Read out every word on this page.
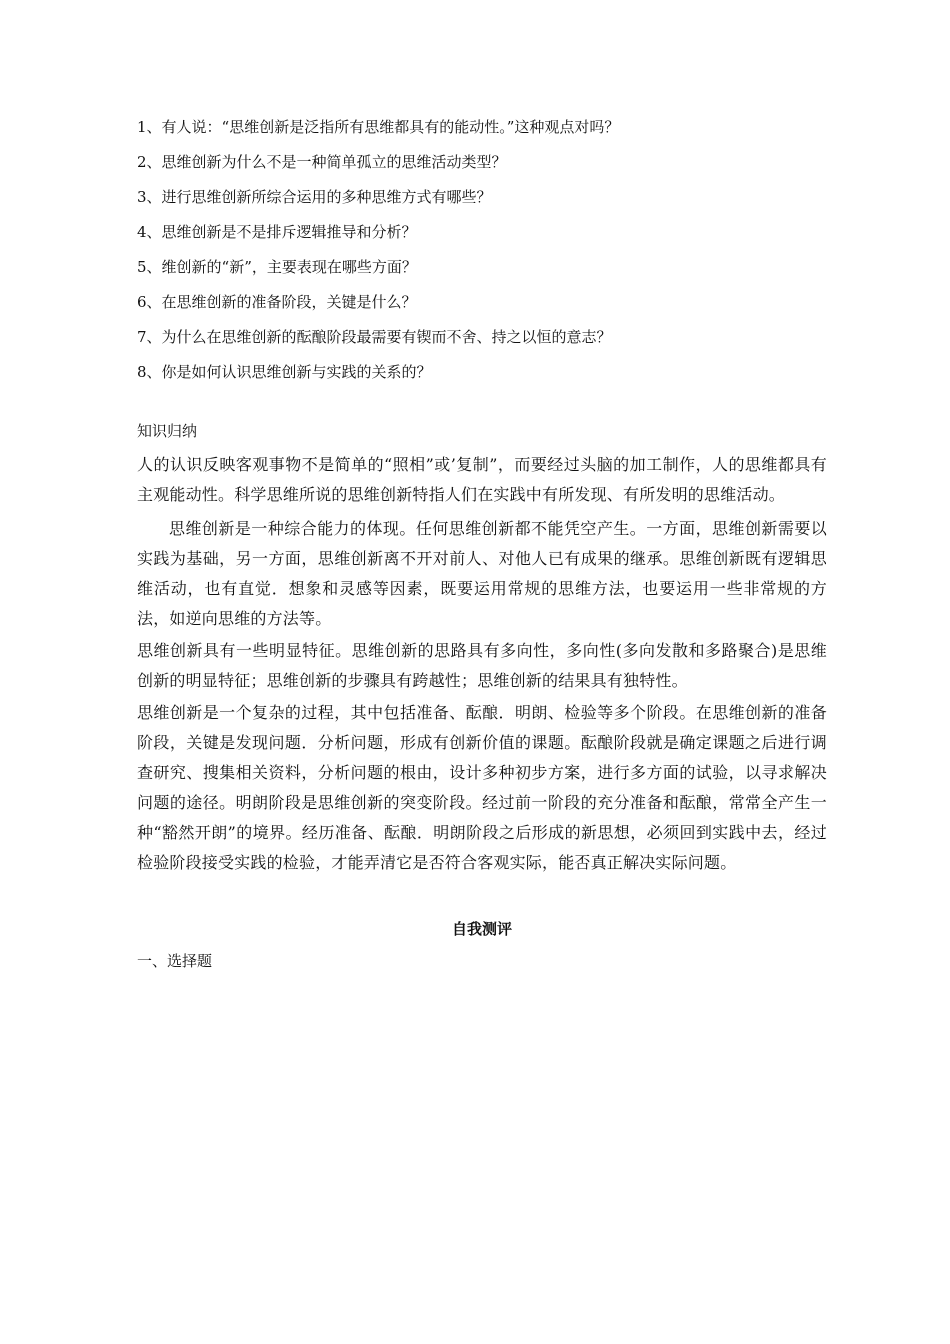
1、有人说：“思维创新是泛指所有思维都具有的能动性。”这种观点对吗？

2、思维创新为什么不是一种简单孤立的思维活动类型？

3、进行思维创新所综合运用的多种思维方式有哪些？

4、思维创新是不是排斥逻辑推导和分析？

5、维创新的“新”，主要表现在哪些方面？

6、在思维创新的准备阶段，关键是什么？

7、为什么在思维创新的酝酿阶段最需要有锲而不舍、持之以恒的意志？

8、你是如何认识思维创新与实践的关系的？

知识归纳

人的认识反映客观事物不是简单的“照相”或’复制”，而要经过头脑的加工制作，人的思维都具有主观能动性。科学思维所说的思维创新特指人们在实践中有所发现、有所发明的思维活动。

思维创新是一种综合能力的体现。任何思维创新都不能凭空产生。一方面，思维创新需要以实践为基础，另一方面，思维创新离不开对前人、对他人已有成果的继承。思维创新既有逻辑思维活动，也有直觉．想象和灵感等因素，既要运用常规的思维方法，也要运用一些非常规的方法，如逆向思维的方法等。

思维创新具有一些明显特征。思维创新的思路具有多向性，多向性(多向发散和多路聚合)是思维创新的明显特征；思维创新的步骤具有跨越性；思维创新的结果具有独特性。

思维创新是一个复杂的过程，其中包括准备、酝酿．明朗、检验等多个阶段。在思维创新的准备阶段，关键是发现问题．分析问题，形成有创新价值的课题。酝酿阶段就是确定课题之后进行调查研究、搜集相关资料，分析问题的根由，设计多种初步方案，进行多方面的试验，以寻求解决问题的途径。明朗阶段是思维创新的突变阶段。经过前一阶段的充分准备和酝酿，常常全产生一种“豁然开朗”的境界。经历准备、酝酿．明朗阶段之后形成的新思想，必须回到实践中去，经过检验阶段接受实践的检验，才能弄清它是否符合客观实际，能否真正解决实际问题。

自我测评
一、选择题
